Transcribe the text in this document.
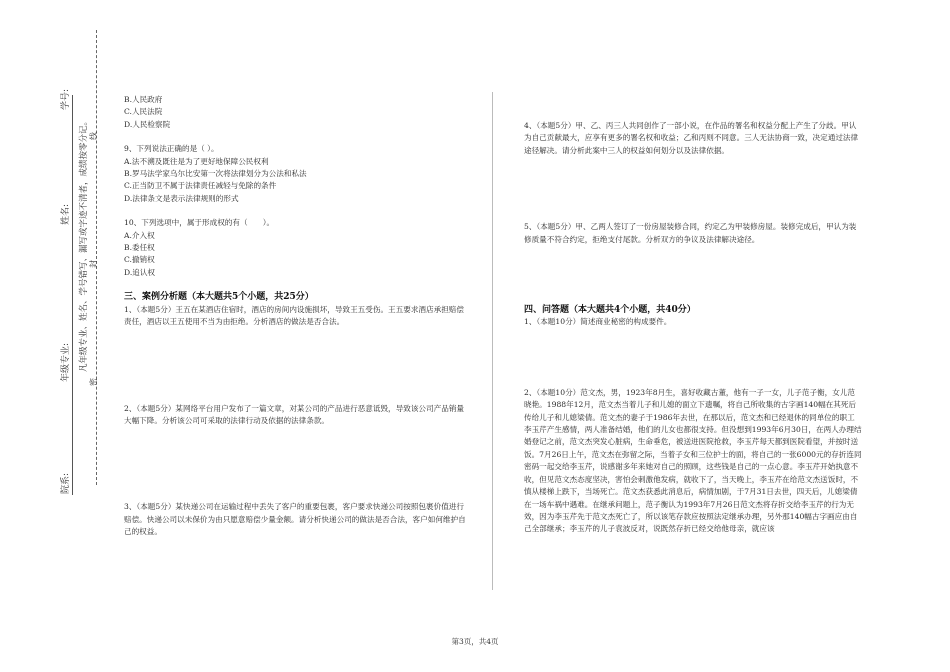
学号:
姓名:
年级专业:
院系:
凡年级专业、姓名、学号错写、漏写或字迹不清者，成绩按零分记。
密
封
线

B.人民政府

C.人民法院

D.人民检察院

9、下列说法正确的是（ ）。

A.法不溯及既往是为了更好地保障公民权利

B.罗马法学家乌尔比安第一次将法律划分为公法和私法

C.正当防卫不属于法律责任减轻与免除的条件

D.法律条文是表示法律规则的形式

10、下列选项中，属于形成权的有（　　）。

A.介入权

B.委任权

C.撤销权

D.追认权

三、案例分析题（本大题共5个小题，共25分）

1、（本题5分）王五在某酒店住宿时，酒店的房间内设施损坏，导致王五受伤。王五要求酒店承担赔偿责任，酒店以王五使用不当为由拒绝。分析酒店的做法是否合法。

2、（本题5分）某网络平台用户发布了一篇文章，对某公司的产品进行恶意诋毁，导致该公司产品销量大幅下降。分析该公司可采取的法律行动及依据的法律条款。

3、（本题5分）某快递公司在运输过程中丢失了客户的重要包裹，客户要求快递公司按照包裹价值进行赔偿。快递公司以未保价为由只愿意赔偿少量金额。请分析快递公司的做法是否合法，客户如何维护自己的权益。

4、（本题5分）甲、乙、丙三人共同创作了一部小说，在作品的署名和权益分配上产生了分歧。甲认为自己贡献最大，应享有更多的署名权和收益；乙和丙则不同意。三人无法协商一致，决定通过法律途径解决。请分析此案中三人的权益如何划分以及法律依据。

5、（本题5分）甲、乙两人签订了一份房屋装修合同，约定乙为甲装修房屋。装修完成后，甲认为装修质量不符合约定，拒绝支付尾款。分析双方的争议及法律解决途径。

四、问答题（本大题共4个小题，共40分）

1、（本题10分）简述商业秘密的构成要件。

2、（本题10分）范文杰，男，1923年8月生，喜好收藏古董，他有一子一女，儿子范子衡，女儿范晓艳。1988年12月，范文杰当着儿子和儿媳的面立下遗嘱，将自己所收集的古字画140幅在其死后传给儿子和儿媳梁倩。范文杰的妻子于1986年去世，在那以后，范文杰和已经退休的同单位的职工李玉芹产生感情，两人准备结婚，他们的儿女也都很支持。但没想到1993年6月30日，在两人办理结婚登记之前，范文杰突发心脏病，生命垂危，被送进医院抢救，李玉芹每天都到医院看望，并按时送饭。7月26日上午，范文杰在弥留之际，当着子女和三位护士的面，将自己的一张6000元的存折连同密码一起交给李玉芹，说感谢多年来她对自己的照顾，这些钱是自己的一点心意。李玉芹开始执意不收，但见范文杰态度坚决，害怕会刺激他发病，就收下了，当天晚上，李玉芹在给范文杰送饭时，不慎从楼梯上跌下，当场死亡。范文杰获悉此消息后，病情加剧，于7月31日去世，四天后，儿媳梁倩在一场车祸中遇难。在继承问题上，范子衡认为1993年7月26日范文杰将存折交给李玉芹的行为无效，因为李玉芹先于范文杰死亡了，所以该笔存款应按照法定继承办理，另外那140幅古字画应由自己全部继承；李玉芹的儿子袁波反对，说既然存折已经交给他母亲，就应该

第3页，共4页
